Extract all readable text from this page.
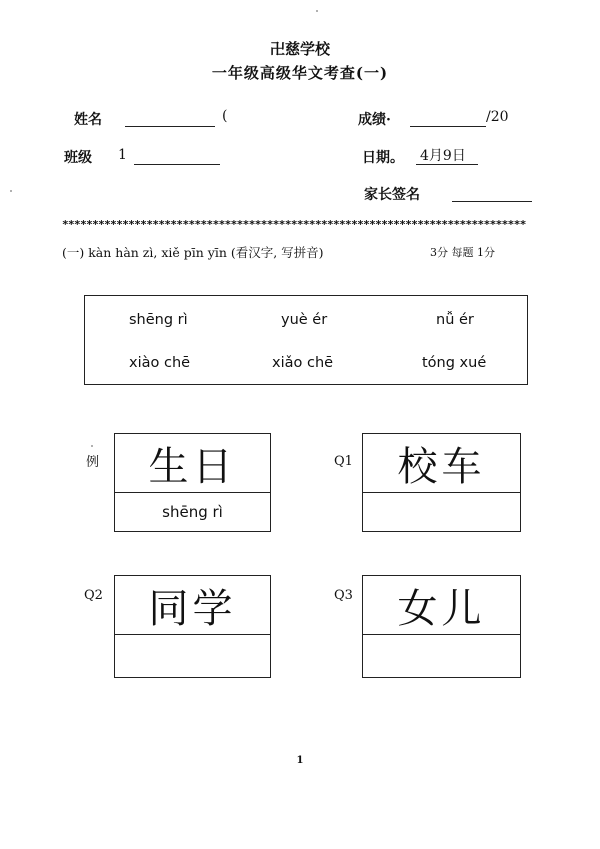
卍慈学校
一年级高级华文考查(一)
姓名	(	成绩·	/20
班级 1	日期。 4月9日
家长签名
*****************************************************************************
(一) kàn hàn zì, xiě pīn yīn (看汉字, 写拼音)	3分 每题 1分
shēng rì	yuè ér	nǚ ér
xiào chē	xiǎo chē	tóng xué
例	生日
shēng rì
Q1	校车
Q2	同学	Q3	女儿
1
